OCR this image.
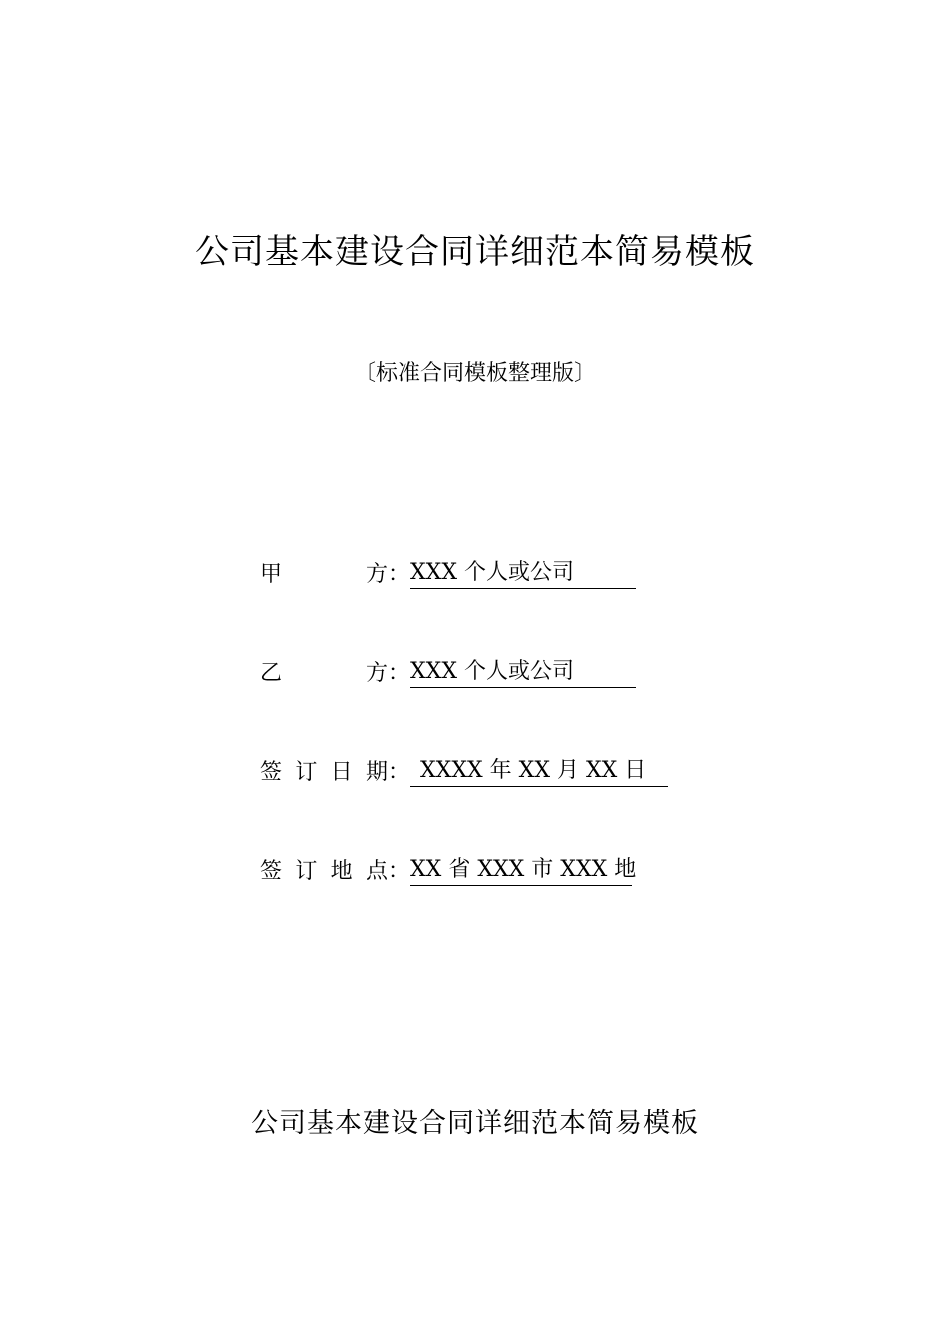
公司基本建设合同详细范本简易模板
〔标准合同模板整理版〕
甲　　方：XXX 个人或公司
乙　　方：XXX 个人或公司
签订日期： XXXX 年 XX 月 XX 日
签订地点：XX 省 XXX 市 XXX 地
公司基本建设合同详细范本简易模板
